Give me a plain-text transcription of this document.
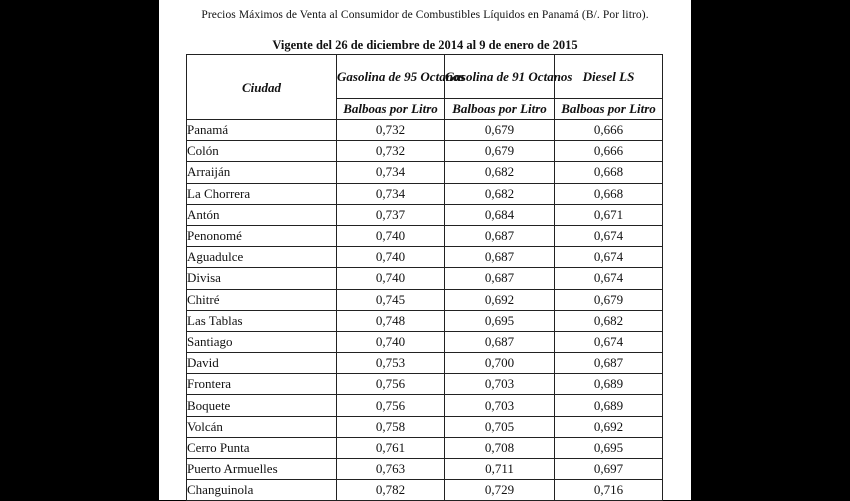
Precios Máximos de Venta al Consumidor de Combustibles Líquidos en Panamá (B/. Por litro).
Vigente del 26 de diciembre de 2014 al 9 de enero de 2015
Ciudad	Gasolina de 95 Octanos	Gasolina de 91 Octanos	Diesel LS
	Balboas por Litro	Balboas por Litro	Balboas por Litro
Panamá	0,732	0,679	0,666
Colón	0,732	0,679	0,666
Arraiján	0,734	0,682	0,668
La Chorrera	0,734	0,682	0,668
Antón	0,737	0,684	0,671
Penonomé	0,740	0,687	0,674
Aguadulce	0,740	0,687	0,674
Divisa	0,740	0,687	0,674
Chitré	0,745	0,692	0,679
Las Tablas	0,748	0,695	0,682
Santiago	0,740	0,687	0,674
David	0,753	0,700	0,687
Frontera	0,756	0,703	0,689
Boquete	0,756	0,703	0,689
Volcán	0,758	0,705	0,692
Cerro Punta	0,761	0,708	0,695
Puerto Armuelles	0,763	0,711	0,697
Changuinola	0,782	0,729	0,716
